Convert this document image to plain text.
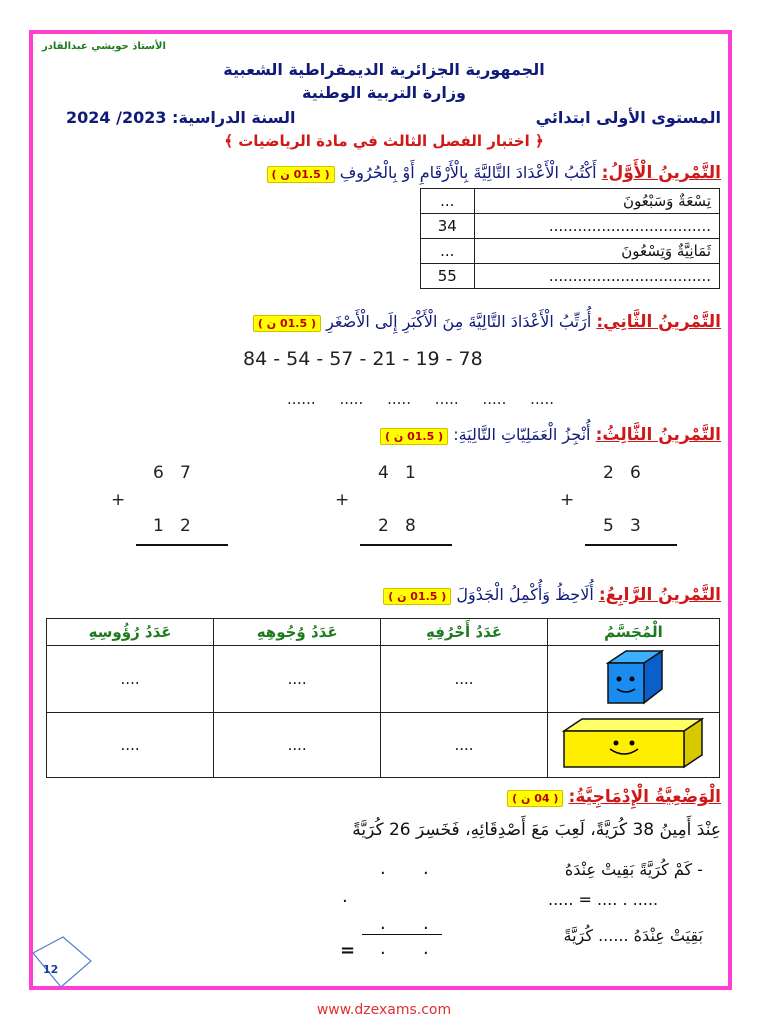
الأستاذ حويشي عبدالقادر
الجمهورية الجزائرية الديمقراطية الشعبية
وزارة التربية الوطنية
المستوى الأولى ابتدائي
السنة الدراسية: 2023/ 2024
﴿ اختبار الفصل الثالث في مادة الرياضيات ﴾
التَّمْرينُ الْأَوَّلُ: أَكْتُبُ الْأَعْدَادَ التَّالِيَّةَ بِالْأَرْقَامِ أَوْ بِالْحُرُوفِ ( 01.5 ن )
...	تِسْعَةٌ وَسَبْعُونَ
34	..................................
...	ثَمَانِيَّةٌ وَتِسْعُونَ
55	..................................
التَّمْرينُ الثَّانِي: أُرَتِّبُ الْأَعْدَادَ التَّالِيَّةَ مِنَ الْأَكْبَرِ إِلَى الْأَصْغَرِ ( 01.5 ن )
84 - 54 - 57 - 21 - 19 - 78
......     .....     .....     .....     .....     .....
التَّمْرينُ الثَّالِثُ: أُنْجِزُ الْعَمَلِيّاتِ التَّالِيَةِ: ( 01.5 ن )
6   7
+
1   2
4   1
+
2   8
2   6
+
5   3
التَّمْرينُ الرَّابِعُ: أُلَاحِظُ وَأُكْمِلُ الْجَدْوَلَ ( 01.5 ن )
الْمُجَسَّمُ	عَدَدُ أَحْرُفِهِ	عَدَدُ وُجُوهِهِ	عَدَدُ رُؤُوسِهِ
	....	....	....
	....	....	....
الْوَضْعِيَّةُ الْإِدْمَاجِيَّةُ: ( 04 ن )
عِنْدَ أَمِينُ 38 كُرَيَّةً، لَعِبَ مَعَ أَصْدِقَائِهِ، فَخَسِرَ 26 كُرَيَّةً
- كَمْ كُرَيَّةً بَقِيتْ عِنْدَهُ
. .
..... = .... . .....
.
بَقِيَتْ عِنْدَهُ ...... كُرَيَّةً
. .
. .
=
12
www.dzexams.com
